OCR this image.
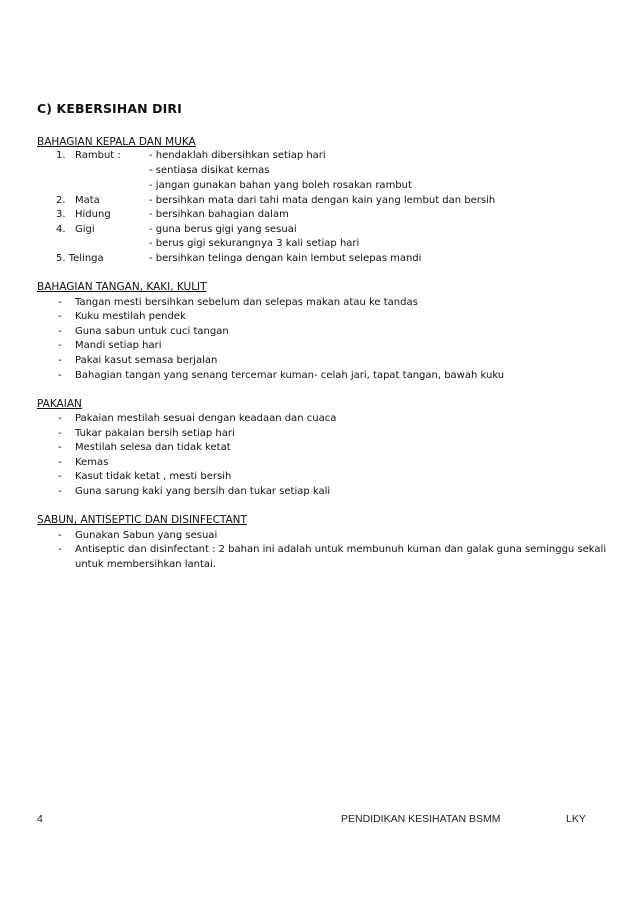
C) KEBERSIHAN DIRI
BAHAGIAN KEPALA DAN MUKA
1. Rambut :	- hendaklah dibersihkan setiap hari
- sentiasa disikat kemas
- jangan gunakan bahan yang boleh rosakan rambut
2. Mata	- bersihkan mata dari tahi mata dengan kain yang lembut dan bersih
3. Hidung	- bersihkan bahagian dalam
4. Gigi	- guna berus gigi yang sesuai
- berus gigi sekurangnya 3 kali setiap hari
5. Telinga	- bersihkan telinga dengan kain lembut selepas mandi
BAHAGIAN TANGAN, KAKI, KULIT
- Tangan mesti bersihkan sebelum dan selepas makan atau ke tandas
- Kuku mestilah pendek
- Guna sabun untuk cuci tangan
- Mandi setiap hari
- Pakai kasut semasa berjalan
- Bahagian tangan yang senang tercemar kuman- celah jari, tapat tangan, bawah kuku
PAKAIAN
- Pakaian mestilah sesuai dengan keadaan dan cuaca
- Tukar pakaian bersih setiap hari
- Mestilah selesa dan tidak ketat
- Kemas
- Kasut tidak ketat , mesti bersih
- Guna sarung kaki yang bersih dan tukar setiap kali
SABUN, ANTISEPTIC DAN DISINFECTANT
- Gunakan Sabun yang sesuai
- Antiseptic dan disinfectant : 2 bahan ini adalah untuk membunuh kuman dan galak guna seminggu sekali
untuk membersihkan lantai.
4	PENDIDIKAN KESIHATAN BSMM	LKY
